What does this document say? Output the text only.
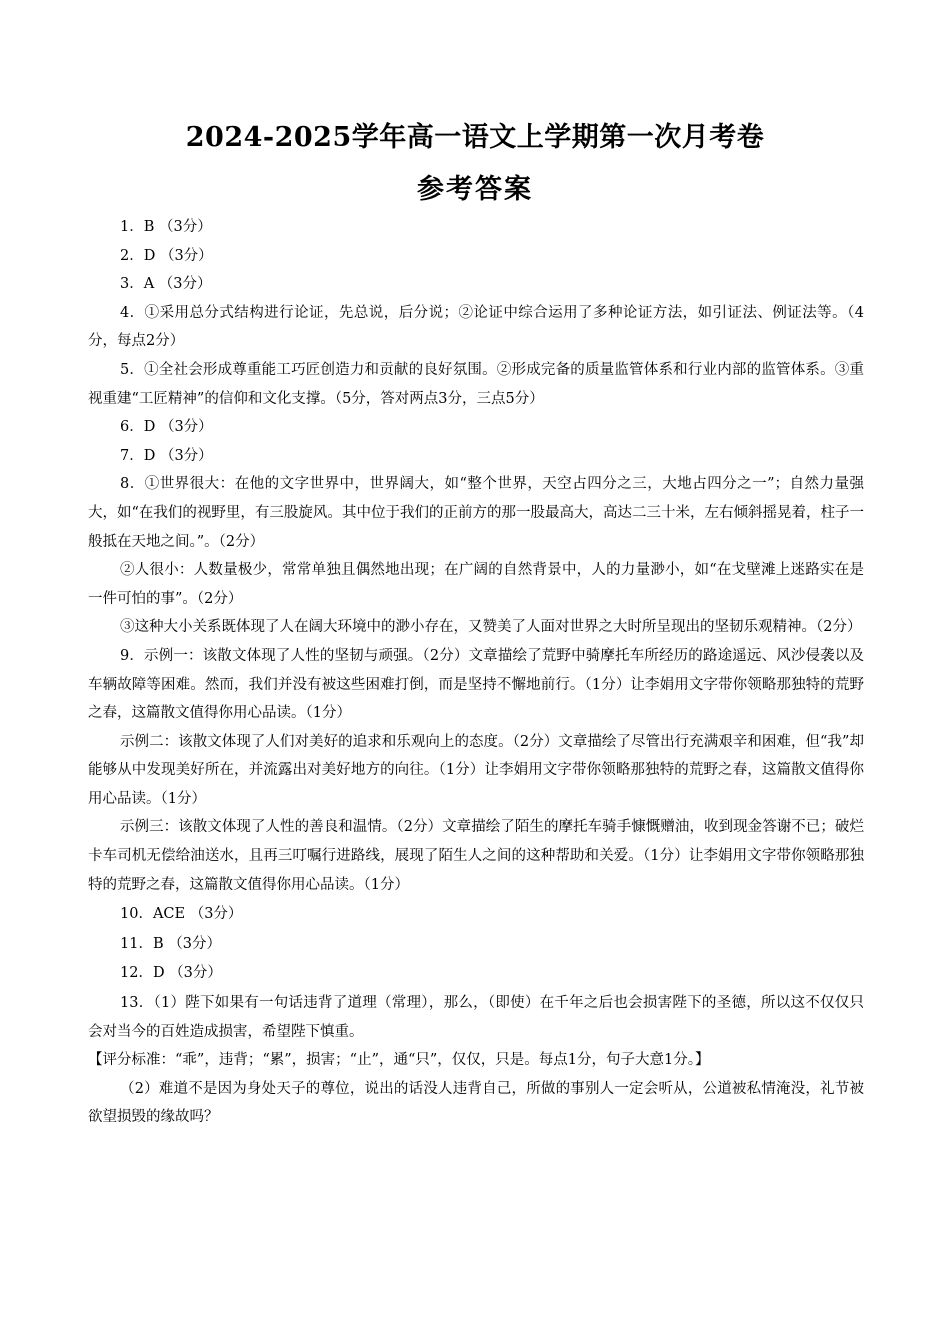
2024-2025学年高一语文上学期第一次月考卷
参考答案

1．B （3分）

2．D （3分）

3．A （3分）

4．①采用总分式结构进行论证，先总说，后分说；②论证中综合运用了多种论证方法，如引证法、例证法等。（4分，每点2分）

5．①全社会形成尊重能工巧匠创造力和贡献的良好氛围。②形成完备的质量监管体系和行业内部的监管体系。③重视重建“工匠精神”的信仰和文化支撑。（5分，答对两点3分，三点5分）

6．D （3分）

7．D （3分）

8．①世界很大：在他的文字世界中，世界阔大，如“整个世界，天空占四分之三，大地占四分之一”；自然力量强大，如“在我们的视野里，有三股旋风。其中位于我们的正前方的那一股最高大，高达二三十米，左右倾斜摇晃着，柱子一般抵在天地之间。”。（2分）

②人很小：人数量极少，常常单独且偶然地出现；在广阔的自然背景中，人的力量渺小，如“在戈壁滩上迷路实在是一件可怕的事”。（2分）

③这种大小关系既体现了人在阔大环境中的渺小存在，又赞美了人面对世界之大时所呈现出的坚韧乐观精神。（2分）

9．示例一：该散文体现了人性的坚韧与顽强。（2分）文章描绘了荒野中骑摩托车所经历的路途遥远、风沙侵袭以及车辆故障等困难。然而，我们并没有被这些困难打倒，而是坚持不懈地前行。（1分）让李娟用文字带你领略那独特的荒野之春，这篇散文值得你用心品读。（1分）

示例二：该散文体现了人们对美好的追求和乐观向上的态度。（2分）文章描绘了尽管出行充满艰辛和困难，但“我”却能够从中发现美好所在，并流露出对美好地方的向往。（1分）让李娟用文字带你领略那独特的荒野之春，这篇散文值得你用心品读。（1分）

示例三：该散文体现了人性的善良和温情。（2分）文章描绘了陌生的摩托车骑手慷慨赠油，收到现金答谢不已；破烂卡车司机无偿给油送水，且再三叮嘱行进路线，展现了陌生人之间的这种帮助和关爱。（1分）让李娟用文字带你领略那独特的荒野之春，这篇散文值得你用心品读。（1分）

10．ACE （3分）

11．B （3分）

12．D （3分）

13．（1）陛下如果有一句话违背了道理（常理），那么，（即使）在千年之后也会损害陛下的圣德，所以这不仅仅只会对当今的百姓造成损害，希望陛下慎重。

【评分标准：“乖”，违背；“累”，损害；“止”，通“只”，仅仅，只是。每点1分，句子大意1分。】

（2）难道不是因为身处天子的尊位，说出的话没人违背自己，所做的事别人一定会听从，公道被私情淹没，礼节被欲望损毁的缘故吗？
